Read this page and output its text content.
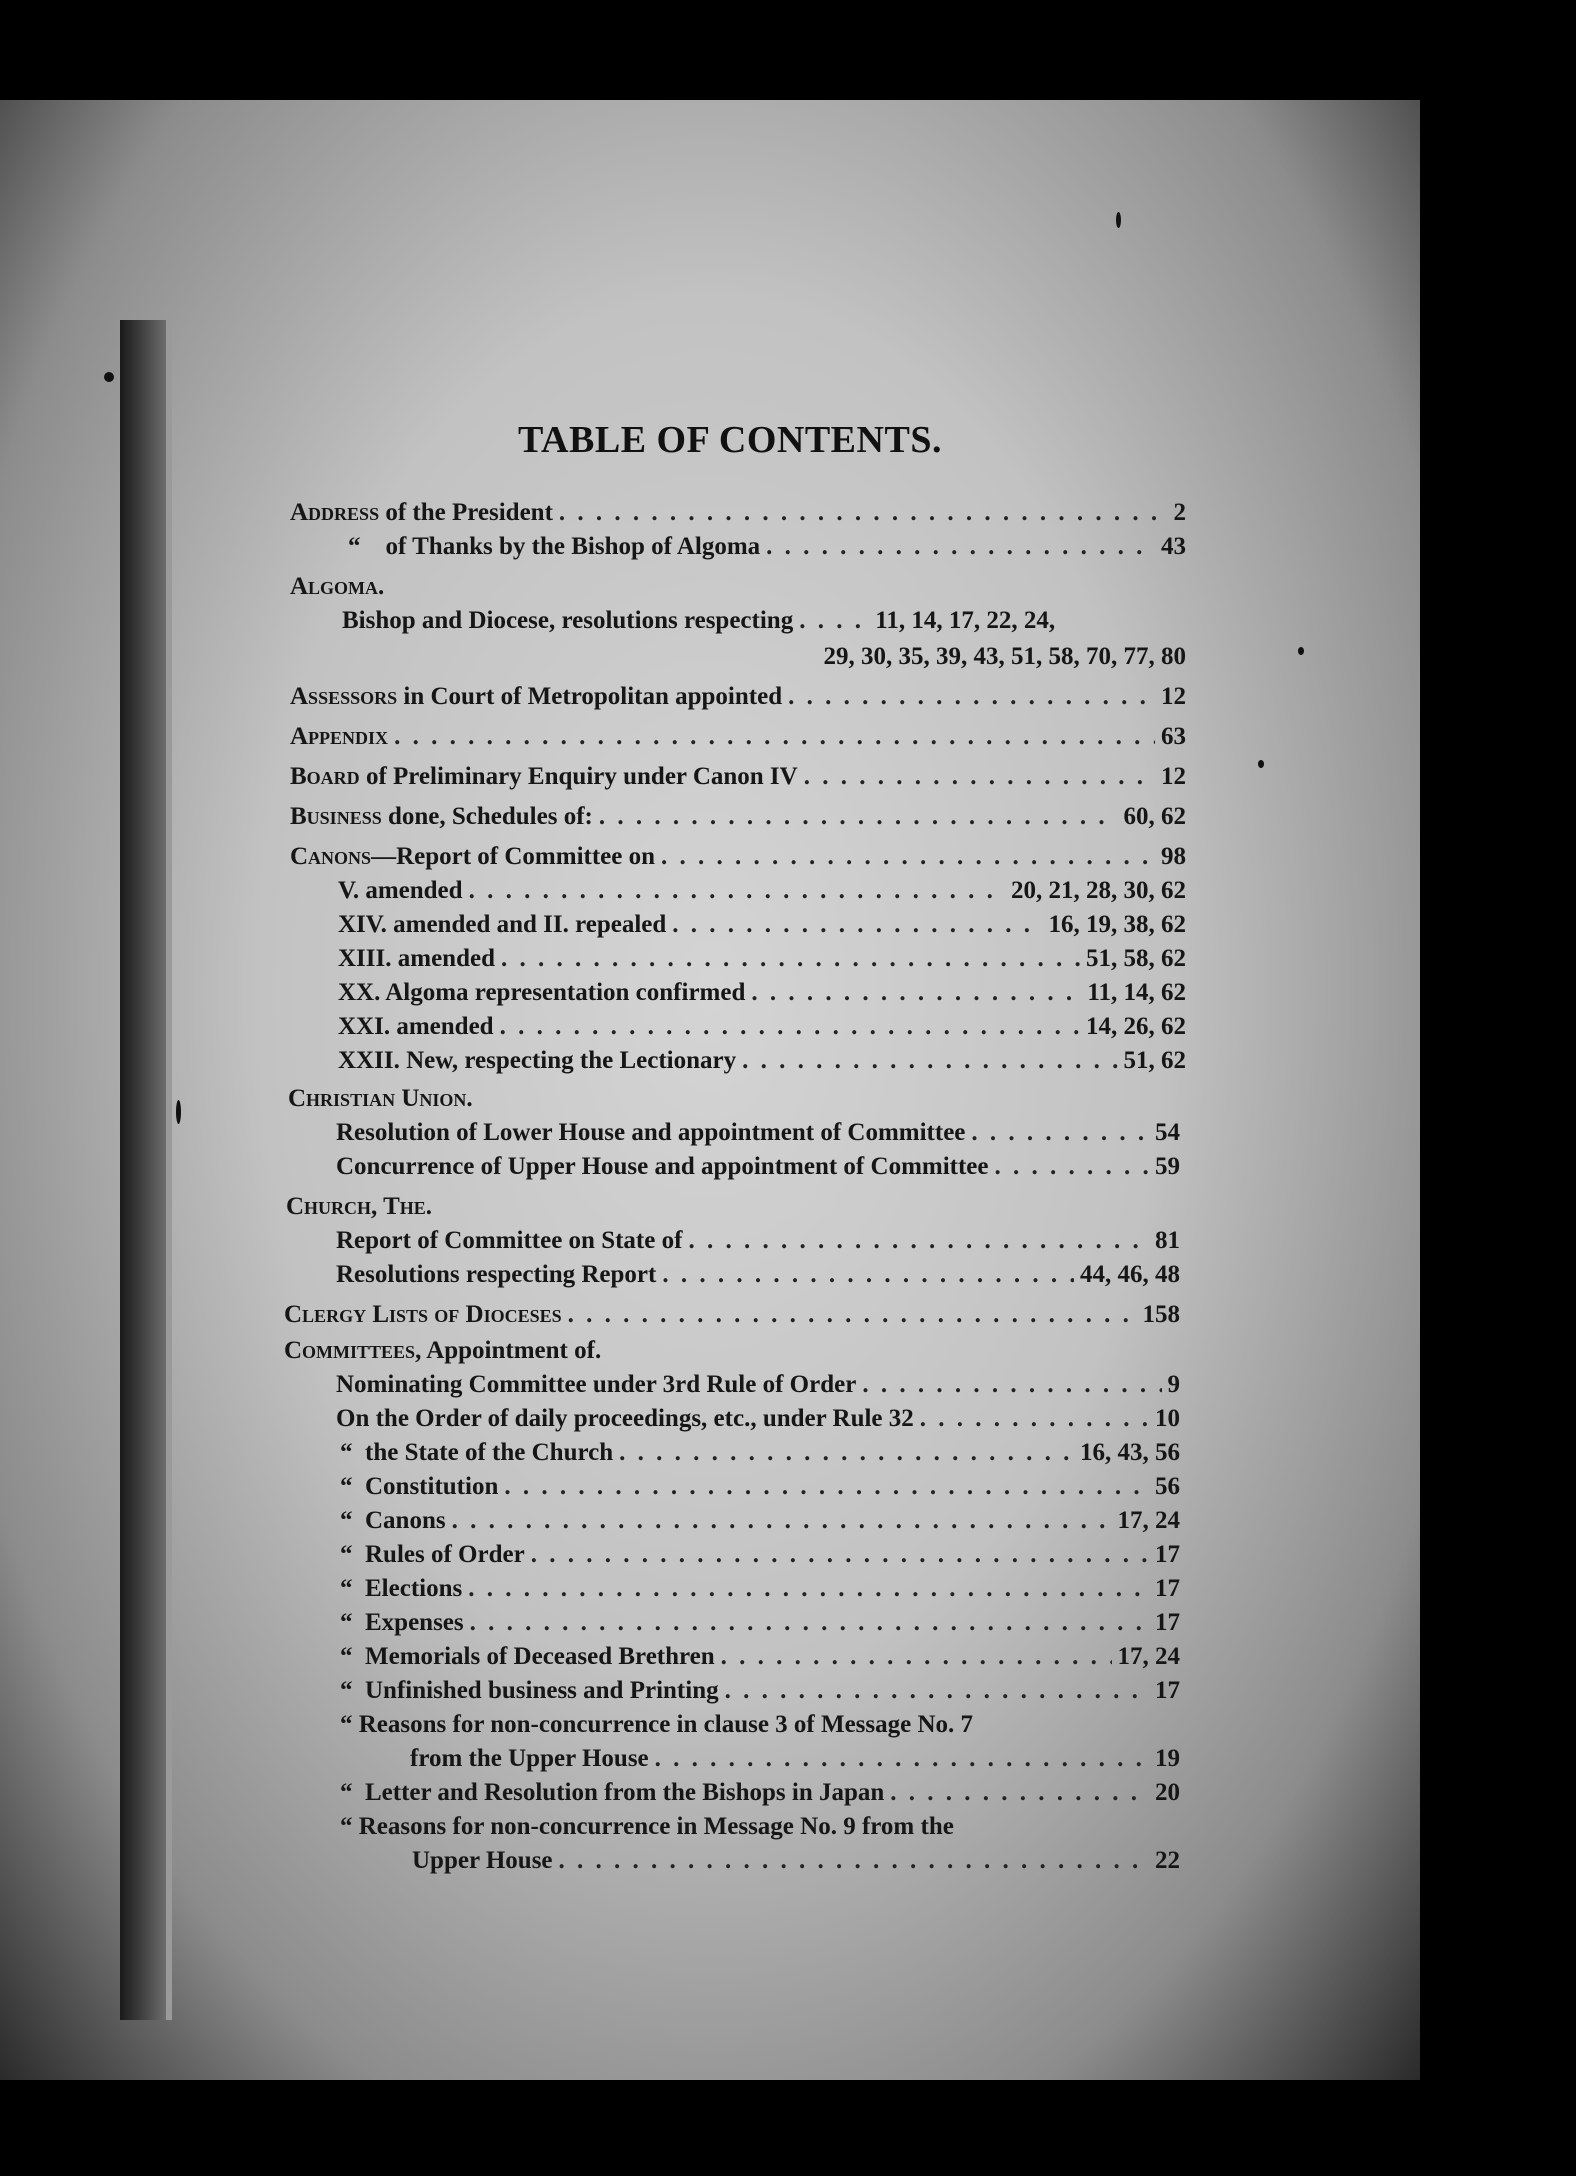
TABLE OF CONTENTS.
Address of the President . . .	2
“    of Thanks by the Bishop of Algoma . . .	43
Algoma.
Bishop and Diocese, resolutions respecting . . .	11, 14, 17, 22, 24,
29, 30, 35, 39, 43, 51, 58, 70, 77, 80
Assessors in Court of Metropolitan appointed . . .	12
Appendix . . .	63
Board of Preliminary Enquiry under Canon IV . . .	12
Business done, Schedules of: . . .	60, 62
Canons—Report of Committee on . . .	98
V. amended . . .	20, 21, 28, 30, 62
XIV. amended and II. repealed . . .	16, 19, 38, 62
XIII. amended . . .	51, 58, 62
XX. Algoma representation confirmed . . .	11, 14, 62
XXI. amended . . .	14, 26, 62
XXII. New, respecting the Lectionary . . .	51, 62
Christian Union.
Resolution of Lower House and appointment of Committee . . .	54
Concurrence of Upper House and appointment of Committee . . .	59
Church, The.
Report of Committee on State of . . .	81
Resolutions respecting Report . . .	44, 46, 48
Clergy Lists of Dioceses . . .	158
Committees, Appointment of.
Nominating Committee under 3rd Rule of Order . . .	9
On the Order of daily proceedings, etc., under Rule 32 . . .	10
“  the State of the Church . . .	16, 43, 56
“  Constitution . . .	56
“  Canons . . .	17, 24
“  Rules of Order . . .	17
“  Elections . . .	17
“  Expenses . . .	17
“  Memorials of Deceased Brethren . . .	17, 24
“  Unfinished business and Printing . . .	17
“ Reasons for non-concurrence in clause 3 of Message No. 7
from the Upper House . . .	19
“  Letter and Resolution from the Bishops in Japan . . .	20
“ Reasons for non-concurrence in Message No. 9 from the
Upper House . . .	22
